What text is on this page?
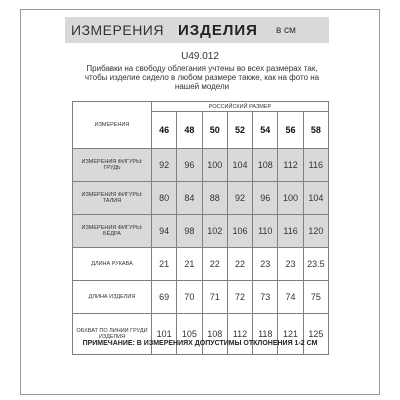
ИЗМЕРЕНИЯ ИЗДЕЛИЯ в см
U49.012
Прибавки на свободу облегания учтены во всех размерах так,
чтобы изделие сидело в любом размере также, как на фото на
нашей модели
ИЗМЕРЕНИЯ	РОССИЙСКИЙ РАЗМЕР						
	46	48	50	52	54	56	58
ИЗМЕРЕНИЯ ФИГУРЫ: ГРУДЬ	92	96	100	104	108	112	116
ИЗМЕРЕНИЯ ФИГУРЫ: ТАЛИЯ	80	84	88	92	96	100	104
ИЗМЕРЕНИЯ ФИГУРЫ: БЁДРА	94	98	102	106	110	116	120
ДЛИНА РУКАВА	21	21	22	22	23	23	23.5
ДЛИНА ИЗДЕЛИЯ	69	70	71	72	73	74	75
ОБХВАТ ПО ЛИНИИ ГРУДИ ИЗДЕЛИЯ	101	105	108	112	118	121	125
ПРИМЕЧАНИЕ: В ИЗМЕРЕНИЯХ ДОПУСТИМЫ ОТКЛОНЕНИЯ 1-2 СМ
